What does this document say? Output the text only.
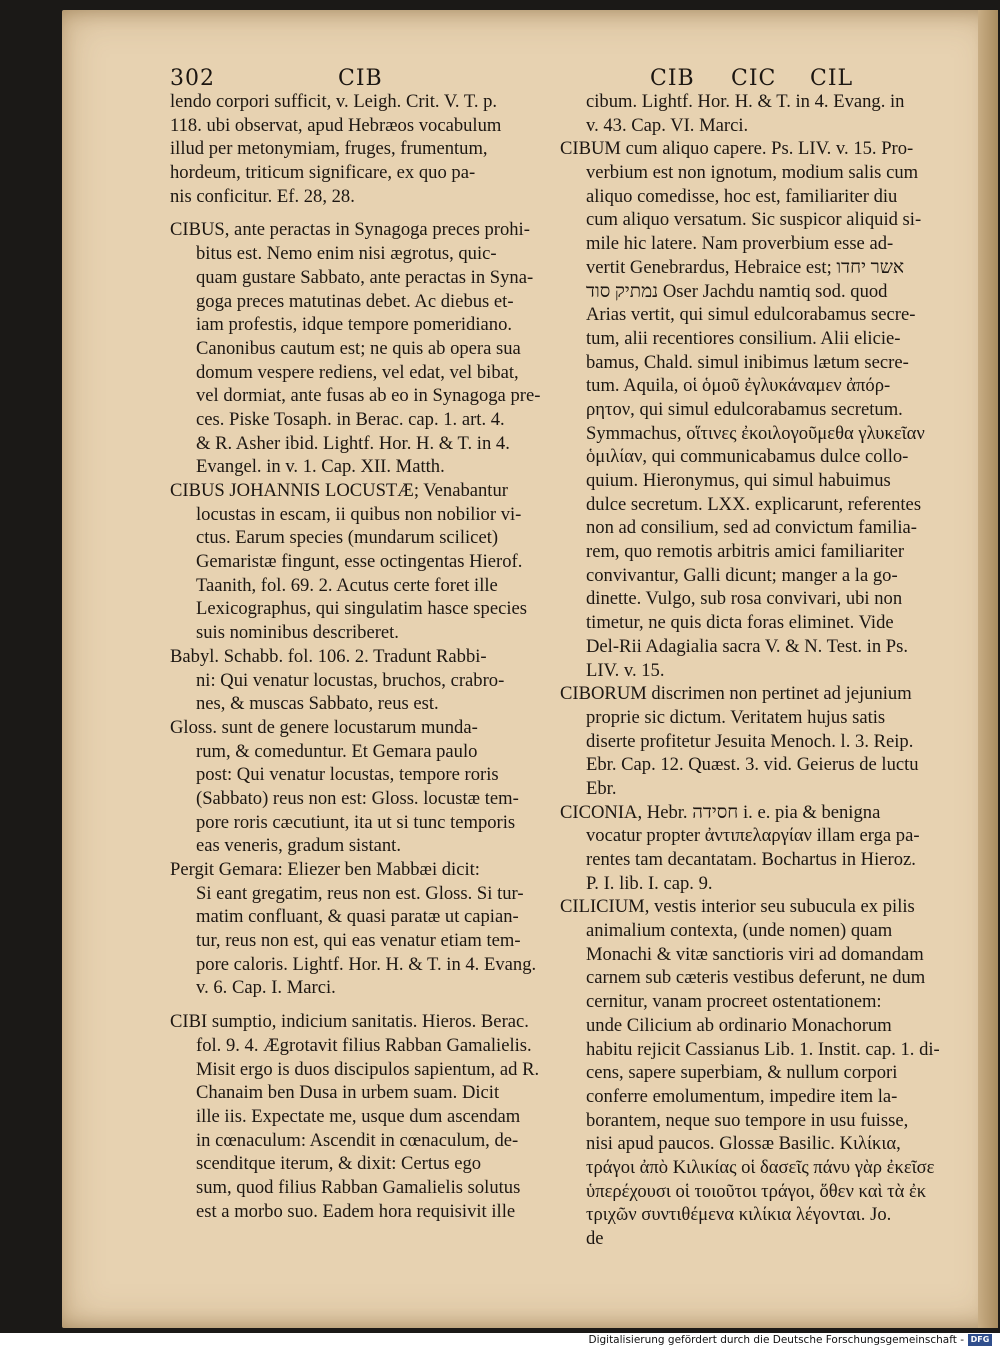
302	CIB	CIB CIC CIL
lendo corpori sufficit, v. Leigh. Crit. V. T. p.
118. ubi observat, apud Hebræos vocabulum
illud per metonymiam, fruges, frumentum,
hordeum, triticum significare, ex quo pa-
nis conficitur. Ef. 28, 28.
CIBUS, ante peractas in Synagoga preces prohi-
bitus est. Nemo enim nisi ægrotus, quic-
quam gustare Sabbato, ante peractas in Syna-
goga preces matutinas debet. Ac diebus et-
iam profestis, idque tempore pomeridiano.
Canonibus cautum est; ne quis ab opera sua
domum vespere rediens, vel edat, vel bibat,
vel dormiat, ante fusas ab eo in Synagoga pre-
ces. Piske Tosaph. in Berac. cap. 1. art. 4.
& R. Asher ibid. Lightf. Hor. H. & T. in 4.
Evangel. in v. 1. Cap. XII. Matth.
CIBUS JOHANNIS LOCUSTÆ; Venabantur
locustas in escam, ii quibus non nobilior vi-
ctus. Earum species (mundarum scilicet)
Gemaristæ fingunt, esse octingentas Hierof.
Taanith, fol. 69. 2. Acutus certe foret ille
Lexicographus, qui singulatim hasce species
suis nominibus describeret.
Babyl. Schabb. fol. 106. 2. Tradunt Rabbi-
ni: Qui venatur locustas, bruchos, crabro-
nes, & muscas Sabbato, reus est.
Gloss. sunt de genere locustarum munda-
rum, & comeduntur. Et Gemara paulo
post: Qui venatur locustas, tempore roris
(Sabbato) reus non est: Gloss. locustæ tem-
pore roris cæcutiunt, ita ut si tunc temporis
eas veneris, gradum sistant.
Pergit Gemara: Eliezer ben Mabbæi dicit:
Si eant gregatim, reus non est. Gloss. Si tur-
matim confluant, & quasi paratæ ut capian-
tur, reus non est, qui eas venatur etiam tem-
pore caloris. Lightf. Hor. H. & T. in 4. Evang.
v. 6. Cap. I. Marci.
CIBI sumptio, indicium sanitatis. Hieros. Berac.
fol. 9. 4. Ægrotavit filius Rabban Gamalielis.
Misit ergo is duos discipulos sapientum, ad R.
Chanaim ben Dusa in urbem suam. Dicit
ille iis. Expectate me, usque dum ascendam
in cœnaculum: Ascendit in cœnaculum, de-
scenditque iterum, & dixit: Certus ego
sum, quod filius Rabban Gamalielis solutus
est a morbo suo. Eadem hora requisivit ille
cibum. Lightf. Hor. H. & T. in 4. Evang. in
v. 43. Cap. VI. Marci.
CIBUM cum aliquo capere. Ps. LIV. v. 15. Pro-
verbium est non ignotum, modium salis cum
aliquo comedisse, hoc est, familiariter diu
cum aliquo versatum. Sic suspicor aliquid si-
mile hic latere. Nam proverbium esse ad-
vertit Genebrardus, Hebraice est; אשר יחדו
נמתיק סוד Oser Jachdu namtiq sod. quod
Arias vertit, qui simul edulcorabamus secre-
tum, alii recentiores consilium. Alii elicie-
bamus, Chald. simul inibimus lætum secre-
tum. Aquila, οἱ ὁμοῦ ἐγλυκάναμεν ἀπόρ-
ρητον, qui simul edulcorabamus secretum.
Symmachus, οἵτινες ἐκοιλογοῦμεθα γλυκεῖαν
ὁμιλίαν, qui communicabamus dulce collo-
quium. Hieronymus, qui simul habuimus
dulce secretum. LXX. explicarunt, referentes
non ad consilium, sed ad convictum familia-
rem, quo remotis arbitris amici familiariter
convivantur, Galli dicunt; manger a la go-
dinette. Vulgo, sub rosa convivari, ubi non
timetur, ne quis dicta foras eliminet. Vide
Del-Rii Adagialia sacra V. & N. Test. in Ps.
LIV. v. 15.
CIBORUM discrimen non pertinet ad jejunium
proprie sic dictum. Veritatem hujus satis
diserte profitetur Jesuita Menoch. l. 3. Reip.
Ebr. Cap. 12. Quæst. 3. vid. Geierus de luctu
Ebr.
CICONIA, Hebr. חסידה i. e. pia & benigna
vocatur propter ἀντιπελαργίαν illam erga pa-
rentes tam decantatam. Bochartus in Hieroz.
P. I. lib. I. cap. 9.
CILICIUM, vestis interior seu subucula ex pilis
animalium contexta, (unde nomen) quam
Monachi & vitæ sanctioris viri ad domandam
carnem sub cæteris vestibus deferunt, ne dum
cernitur, vanam procreet ostentationem:
unde Cilicium ab ordinario Monachorum
habitu rejicit Cassianus Lib. 1. Instit. cap. 1. di-
cens, sapere superbiam, & nullum corpori
conferre emolumentum, impedire item la-
borantem, neque suo tempore in usu fuisse,
nisi apud paucos. Glossæ Basilic. Κιλίκια,
τράγοι ἀπὸ Κιλικίας οἱ δασεῖς πάνυ γὰρ ἐκεῖσε
ὑπερέχουσι οἱ τοιοῦτοι τράγοι, ὅθεν καὶ τὰ ἐκ
τριχῶν συντιθέμενα κιλίκια λέγονται. Jo.
de
Digitalisierung gefördert durch die Deutsche Forschungsgemeinschaft - DFG
